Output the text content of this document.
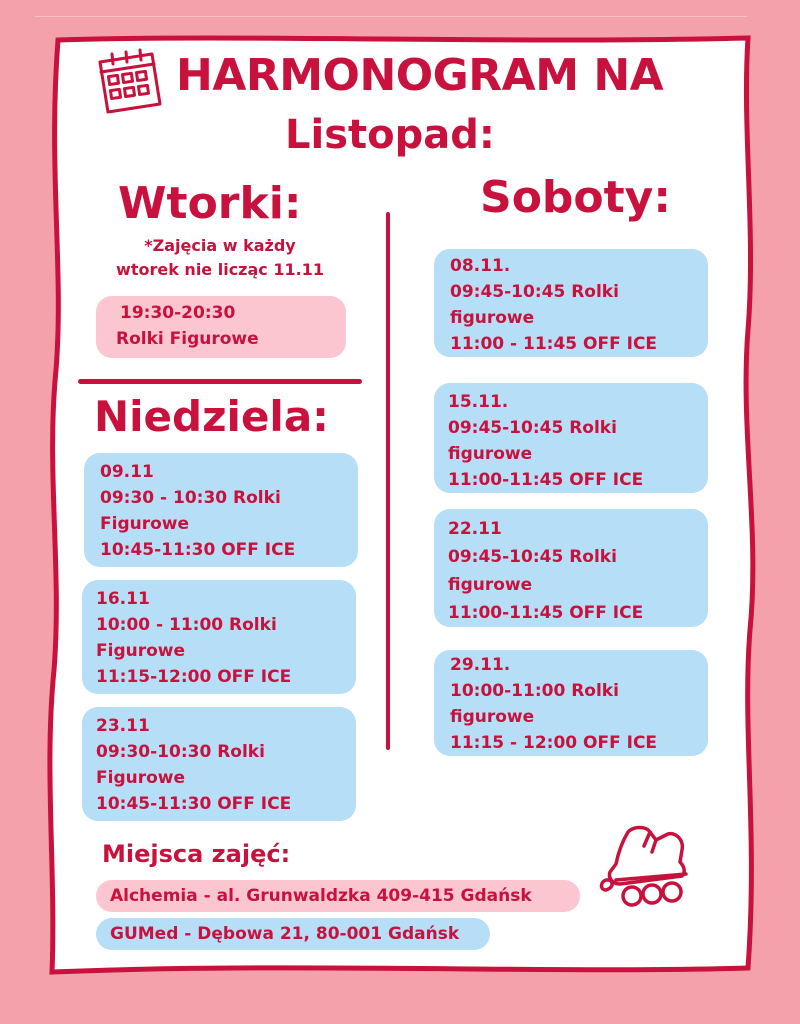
HARMONOGRAM NA
Listopad:
Wtorki:
*Zajęcia w każdy
wtorek nie licząc 11.11
19:30-20:30
Rolki Figurowe
Niedziela:
09.11
09:30 - 10:30 Rolki
Figurowe
10:45-11:30 OFF ICE
16.11
10:00 - 11:00 Rolki
Figurowe
11:15-12:00 OFF ICE
23.11
09:30-10:30 Rolki
Figurowe
10:45-11:30 OFF ICE
Soboty:
08.11.
09:45-10:45 Rolki
figurowe
11:00 - 11:45 OFF ICE
15.11.
09:45-10:45 Rolki
figurowe
11:00-11:45 OFF ICE
22.11
09:45-10:45 Rolki
figurowe
11:00-11:45 OFF ICE
29.11.
10:00-11:00 Rolki
figurowe
11:15 - 12:00 OFF ICE
Miejsca zajęć:
Alchemia - al. Grunwaldzka 409-415 Gdańsk
GUMed - Dębowa 21, 80-001 Gdańsk
